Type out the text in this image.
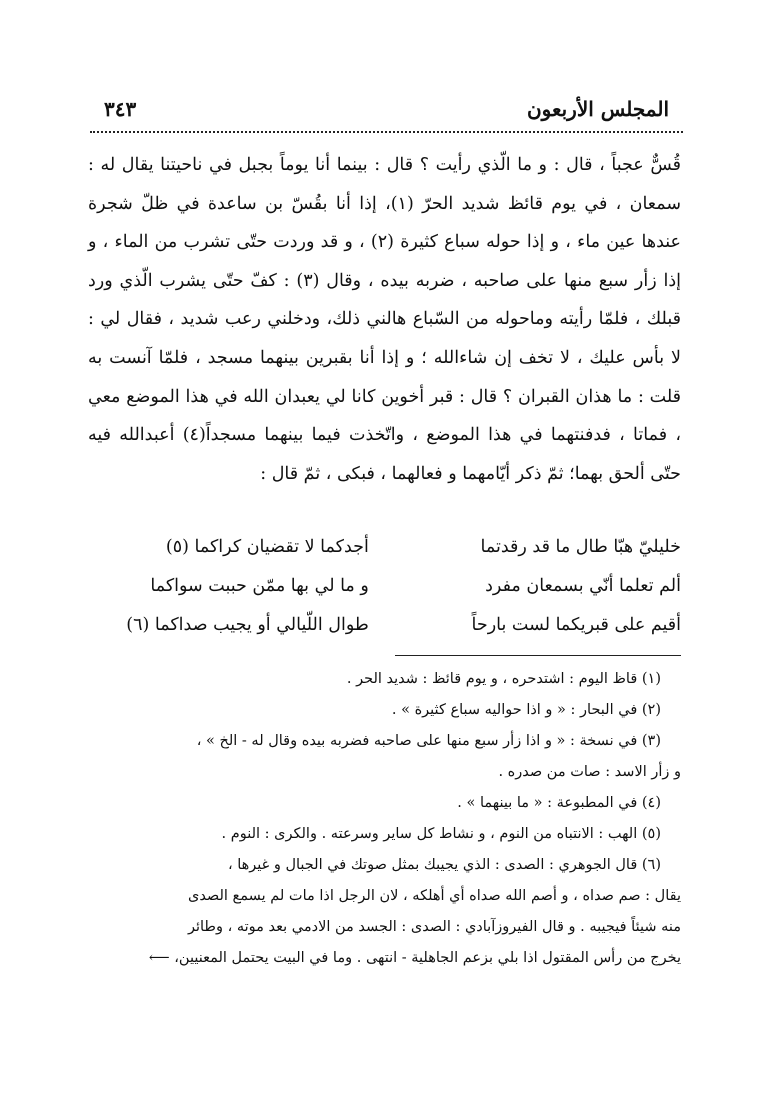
المجلس الأربعون
٣٤٣

قُسٌّ عجباً ، قال : و ما الّذي رأيت ؟ قال : بينما أنا يوماً بجبل في ناحيتنا يقال له : سمعان ، في يوم قائظ شديد الحرّ (١)، إذا أنا بقُسّ بن ساعدة في ظلّ شجرة عندها عين ماء ، و إذا حوله سباع كثيرة (٢) ، و قد وردت حتّى تشرب من الماء ، و إذا زأر سبع منها على صاحبه ، ضربه بيده ، وقال (٣) : كفّ حتّى يشرب الّذي ورد قبلك ، فلمّا رأيته وماحوله من السّباع هالني ذلك، ودخلني رعب شديد ، فقال لي : لا بأس عليك ، لا تخف إن شاءالله ؛ و إذا أنا بقبرين بينهما مسجد ، فلمّا آنست به قلت : ما هذان القبران ؟ قال : قبر أخوين كانا لي يعبدان الله في هذا الموضع معي ، فماتا ، فدفنتهما في هذا الموضع ، واتّخذت فيما بينهما مسجداً(٤) أعبدالله فيه حتّى ألحق بهما؛ ثمّ ذكر أيّامهما و فعالهما ، فبكى ، ثمّ قال :

خليليّ هبّا طال ما قد رقدتما
أجدكما لا تقضيان كراكما (٥)
ألم تعلما أنّي بسمعان مفرد
و ما لي بها ممّن حببت سواكما
أقيم على قبريكما لست بارحاً
طوال اللّيالي أو يجيب صداكما (٦)

(١) قاظ اليوم : اشتدحره ، و يوم قائظ : شديد الحر .

(٢) في البحار : « و اذا حواليه سباع كثيرة » .

(٣) في نسخة : « و اذا زأر سبع منها على صاحبه فضربه بيده وقال له - الخ » ،

و زأر الاسد : صات من صدره .

(٤) في المطبوعة : « ما بينهما » .

(٥) الهب : الانتباه من النوم ، و نشاط كل ساير وسرعته . والكرى : النوم .

(٦) قال الجوهري : الصدى : الذي يجيبك بمثل صوتك في الجبال و غيرها ،

يقال : صم صداه ، و أصم الله صداه أي أهلكه ، لان الرجل اذا مات لم يسمع الصدى

منه شيئاً فيجيبه . و قال الفيروزآبادي : الصدى : الجسد من الادمي بعد موته ، وطائر

يخرج من رأس المقتول اذا بلي بزعم الجاهلية - انتهى . وما في البيت يحتمل المعنيين، ⟵
